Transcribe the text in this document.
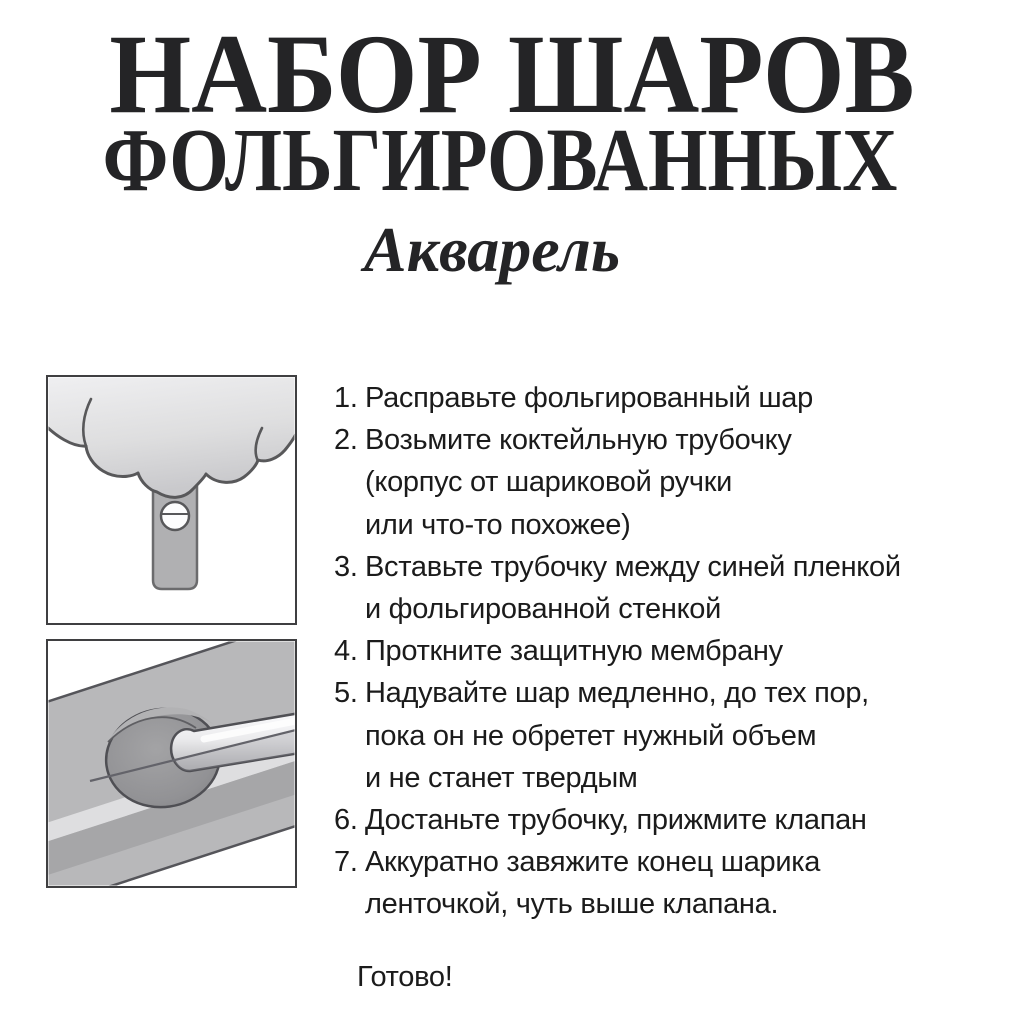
НАБОР ШАРОВ
ФОЛЬГИРОВАННЫХ
Акварель
1. Расправьте фольгированный шар
2. Возьмите коктейльную трубочку
(корпус от шариковой ручки
или что-то похожее)
3. Вставьте трубочку между синей пленкой
и фольгированной стенкой
4. Проткните защитную мембрану
5. Надувайте шар медленно, до тех пор,
пока он не обретет нужный объем
и не станет твердым
6. Достаньте трубочку, прижмите клапан
7. Аккуратно завяжите конец шарика
ленточкой, чуть выше клапана.
Готово!
